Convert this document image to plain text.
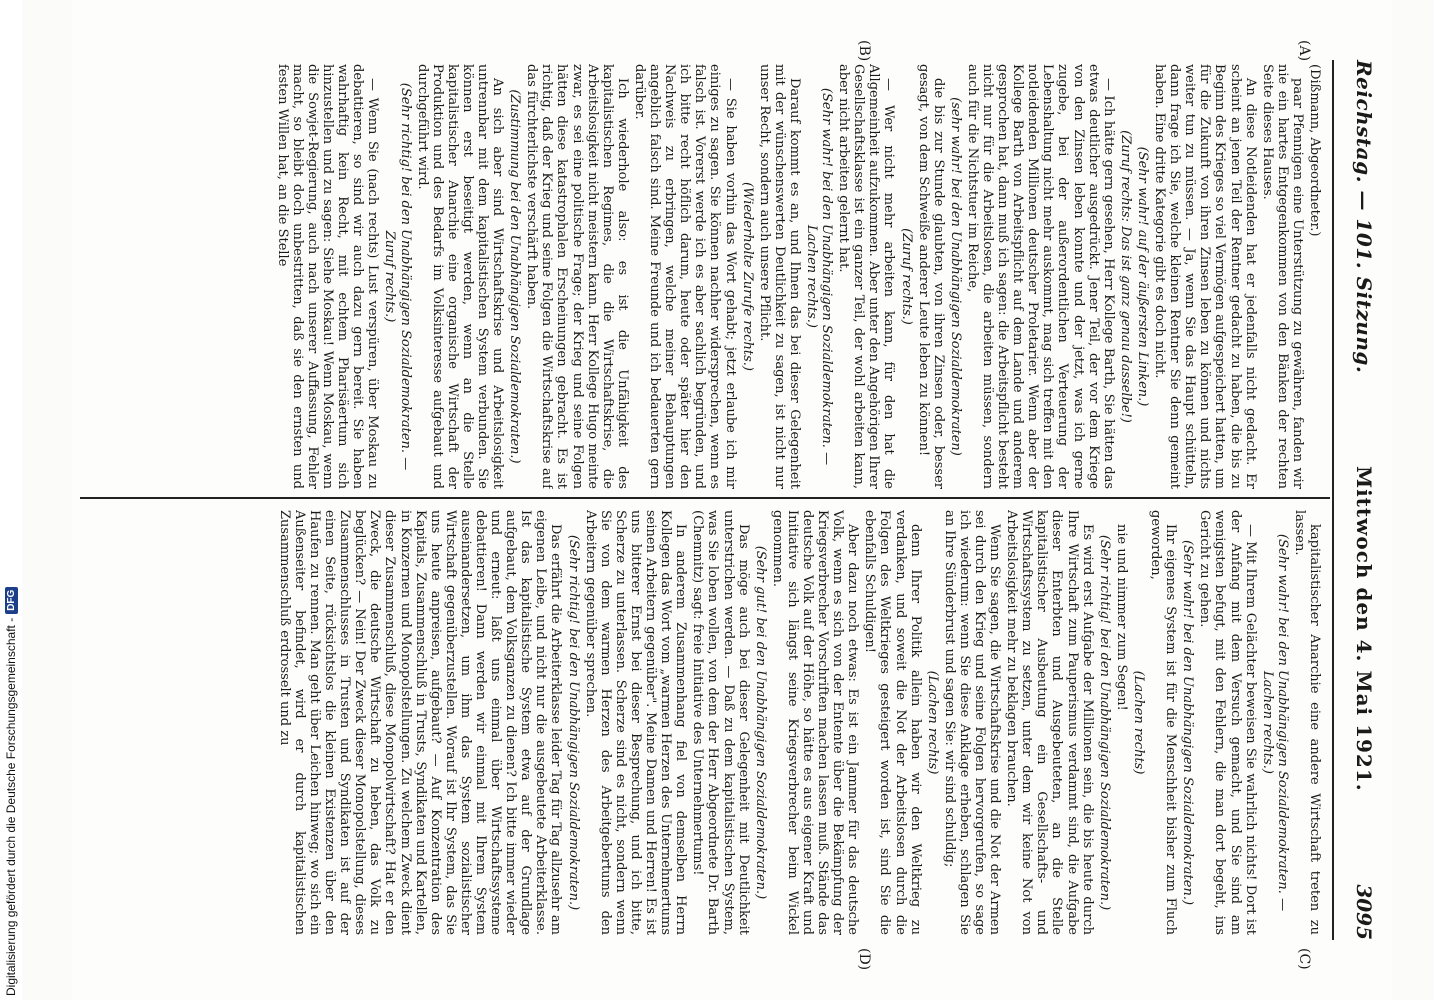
Reichstag. — 101. Sitzung.
Mittwoch den 4. Mai 1921.
3095
(A)
(B)
(C)
(D)

(Dißmann, Abgeordneter.)

paar Pfennigen eine Unterstützung zu gewähren, fanden wir nie ein hartes Entgegenkommen von den Bänken der rechten Seite dieses Hauses.

An diese Notleidenden hat er jedenfalls nicht gedacht. Er scheint an jenen Teil der Rentner gedacht zu haben, die bis zu Beginn des Krieges so viel Vermögen aufgespeichert hatten, um für die Zukunft von ihren Zinsen leben zu können und nichts weiter tun zu müssen. — Ja, wenn Sie das Haupt schütteln, dann frage ich Sie, welche kleinen Rentner Sie denn gemeint haben. Eine dritte Kategorie gibt es doch nicht.

(Sehr wahr! auf der äußersten Linken.)

(Zuruf rechts: Das ist ganz genau dasselbe!)

— Ich hätte gern gesehen, Herr Kollege Barth, Sie hätten das etwas deutlicher ausgedrückt. Jener Teil, der vor dem Kriege von den Zinsen leben konnte und der jetzt, was ich gerne zugebe, bei der außerordentlichen Verteuerung der Lebenshaltung nicht mehr auskommt, mag sich treffen mit den notleidenden Millionen deutscher Proletarier. Wenn aber der Kollege Barth von Arbeitspflicht auf dem Lande und anderem gesprochen hat, dann muß ich sagen: die Arbeitspflicht besteht nicht nur für die Arbeitslosen, die arbeiten müssen, sondern auch für die Nichtstuer im Reiche,

(sehr wahr! bei den Unabhängigen Sozialdemokraten)

die bis zur Stunde glaubten, von ihren Zinsen oder, besser gesagt, von dem Schweiße anderer Leute leben zu können!

(Zuruf rechts.)

— Wer nicht mehr arbeiten kann, für den hat die Allgemeinheit aufzukommen. Aber unter den Angehörigen Ihrer Gesellschaftsklasse ist ein ganzer Teil, der wohl arbeiten kann, aber nicht arbeiten gelernt hat.

(Sehr wahr! bei den Unabhängigen Sozialdemokraten. — Lachen rechts.)

Darauf kommt es an, und Ihnen das bei dieser Gelegenheit mit der wünschenswerten Deutlichkeit zu sagen, ist nicht nur unser Recht, sondern auch unsere Pflicht.

(Wiederholte Zurufe rechts.)

— Sie haben vorhin das Wort gehabt; jetzt erlaube ich mir einiges zu sagen. Sie können nachher widersprechen, wenn es falsch ist. Vorerst werde ich es aber sachlich begründen, und ich bitte recht höflich darum, heute oder später hier den Nachweis zu erbringen, welche meiner Behauptungen angeblich falsch sind. Meine Freunde und ich bedauerten gern darüber.

Ich wiederhole also: es ist die Unfähigkeit des kapitalistischen Regimes, die die Wirtschaftskrise, die Arbeitslosigkeit nicht meistern kann. Herr Kollege Hugo meinte zwar, es sei eine politische Frage; der Krieg und seine Folgen hätten diese katastrophalen Erscheinungen gebracht. Es ist richtig, daß der Krieg und seine Folgen die Wirtschaftskrise auf das fürchterlichste verschärft haben.

(Zustimmung bei den Unabhängigen Sozialdemokraten.)

An sich aber sind Wirtschaftskrise und Arbeitslosigkeit untrennbar mit dem kapitalistischen System verbunden. Sie können erst beseitigt werden, wenn an die Stelle kapitalistischer Anarchie eine organische Wirtschaft der Produktion und des Bedarfs im Volksinteresse aufgebaut und durchgeführt wird.

(Sehr richtig! bei den Unabhängigen Sozialdemokraten. — Zuruf rechts.)

— Wenn Sie (nach rechts) Lust verspüren, über Moskau zu debattieren, so sind wir auch dazu gern bereit. Sie haben wahrhaftig kein Recht, mit echtem Pharisäertum sich hinzustellen und zu sagen: Siehe Moskau! Wenn Moskau, wenn die Sowjet-Regierung, auch nach unserer Auffassung, Fehler macht, so bleibt doch unbestritten, daß sie den ernsten und festen Willen hat, an die Stelle

kapitalistischer Anarchie eine andere Wirtschaft treten zu lassen.

(Sehr wahr! bei den Unabhängigen Sozialdemokraten. — Lachen rechts.)

— Mit Ihrem Gelächter beweisen Sie wahrlich nichts! Dort ist der Anfang mit dem Versuch gemacht, und Sie sind am wenigsten befugt, mit den Fehlern, die man dort begeht, ins Gericht zu gehen.

(Sehr wahr! bei den Unabhängigen Sozialdemokraten.)

Ihr eigenes System ist für die Menschheit bisher zum Fluch geworden,

(Lachen rechts)

nie und nimmer zum Segen!

(Sehr richtig! bei den Unabhängigen Sozialdemokraten.)

Es wird erst Aufgabe der Millionen sein, die bis heute durch Ihre Wirtschaft zum Pauperismus verdammt sind, die Aufgabe dieser Enterbten und Ausgebeuteten, an die Stelle kapitalistischer Ausbeutung ein Gesellschafts- und Wirtschaftssystem zu setzen, unter dem wir keine Not von Arbeitslosigkeit mehr zu beklagen brauchen.

Wenn Sie sagen, die Wirtschaftskrise und die Not der Armen sei durch den Krieg und seine Folgen hervorgerufen, so sage ich wiederum: wenn Sie diese Anklage erheben, schlagen Sie an Ihre Sünderbrust und sagen Sie: wir sind schuldig;

(Lachen rechts)

denn Ihrer Politik allein haben wir den Weltkrieg zu verdanken, und soweit die Not der Arbeitslosen durch die Folgen des Weltkrieges gesteigert worden ist, sind Sie die ebenfalls Schuldigen!

Aber dazu noch etwas: Es ist ein Jammer für das deutsche Volk, wenn es sich von der Entente über die Bekämpfung der Kriegsverbrecher Vorschriften machen lassen muß. Stände das deutsche Volk auf der Höhe, so hätte es aus eigener Kraft und Initiative sich längst seine Kriegsverbrecher beim Wickel genommen.

(Sehr gut! bei den Unabhängigen Sozialdemokraten.)

Das möge auch bei dieser Gelegenheit mit Deutlichkeit unterstrichen werden. — Daß zu dem kapitalistischen System, was Sie loben wollen, von dem der Herr Abgeordnete Dr. Barth (Chemnitz) sagt: freie Initiative des Unternehmertums!

In anderem Zusammenhang fiel von demselben Herrn Kollegen das Wort vom „warmen Herzen des Unternehmertums seinen Arbeitern gegenüber". Meine Damen und Herren! Es ist uns bitterer Ernst bei dieser Besprechung, und ich bitte, Scherze zu unterlassen. Scherze sind es nicht, sondern wenn Sie von dem warmen Herzen des Arbeitgebertums den Arbeitern gegenüber sprechen.

(Sehr richtig! bei den Unabhängigen Sozialdemokraten.)

Das erfährt die Arbeiterklasse leider Tag für Tag allzusehr am eigenen Leibe, und nicht nur die ausgebeutete Arbeiterklasse. Ist das kapitalistische System etwa auf der Grundlage aufgebaut, dem Volksganzen zu dienen? Ich bitte immer wieder und erneut: laßt uns einmal über Wirtschaftssysteme debattieren! Dann werden wir einmal mit Ihrem System auseinandersetzen, um ihm das System sozialistischer Wirtschaft gegenüberzustellen. Worauf ist Ihr System, das Sie uns heute anpreisen, aufgebaut? — Auf Konzentration des Kapitals, Zusammenschluß in Trusts, Syndikaten und Kartellen, in Konzernen und Monopolstellungen. Zu welchem Zweck dient dieser Zusammenschluß, diese Monopolwirtschaft? Hat er den Zweck, die deutsche Wirtschaft zu heben, das Volk zu beglücken? — Nein! Der Zweck dieser Monopolstellung, dieses Zusammenschlusses in Trusten und Syndikaten ist auf der einen Seite, rücksichtslos die kleinen Existenzen über den Haufen zu rennen. Man geht über Leichen hinweg; wo sich ein Außenseiter befindet, wird er durch kapitalistischen Zusammenschluß erdrosselt und zu

Digitalisierung gefördert durch die Deutsche Forschungsgemeinschaft -
DFG
